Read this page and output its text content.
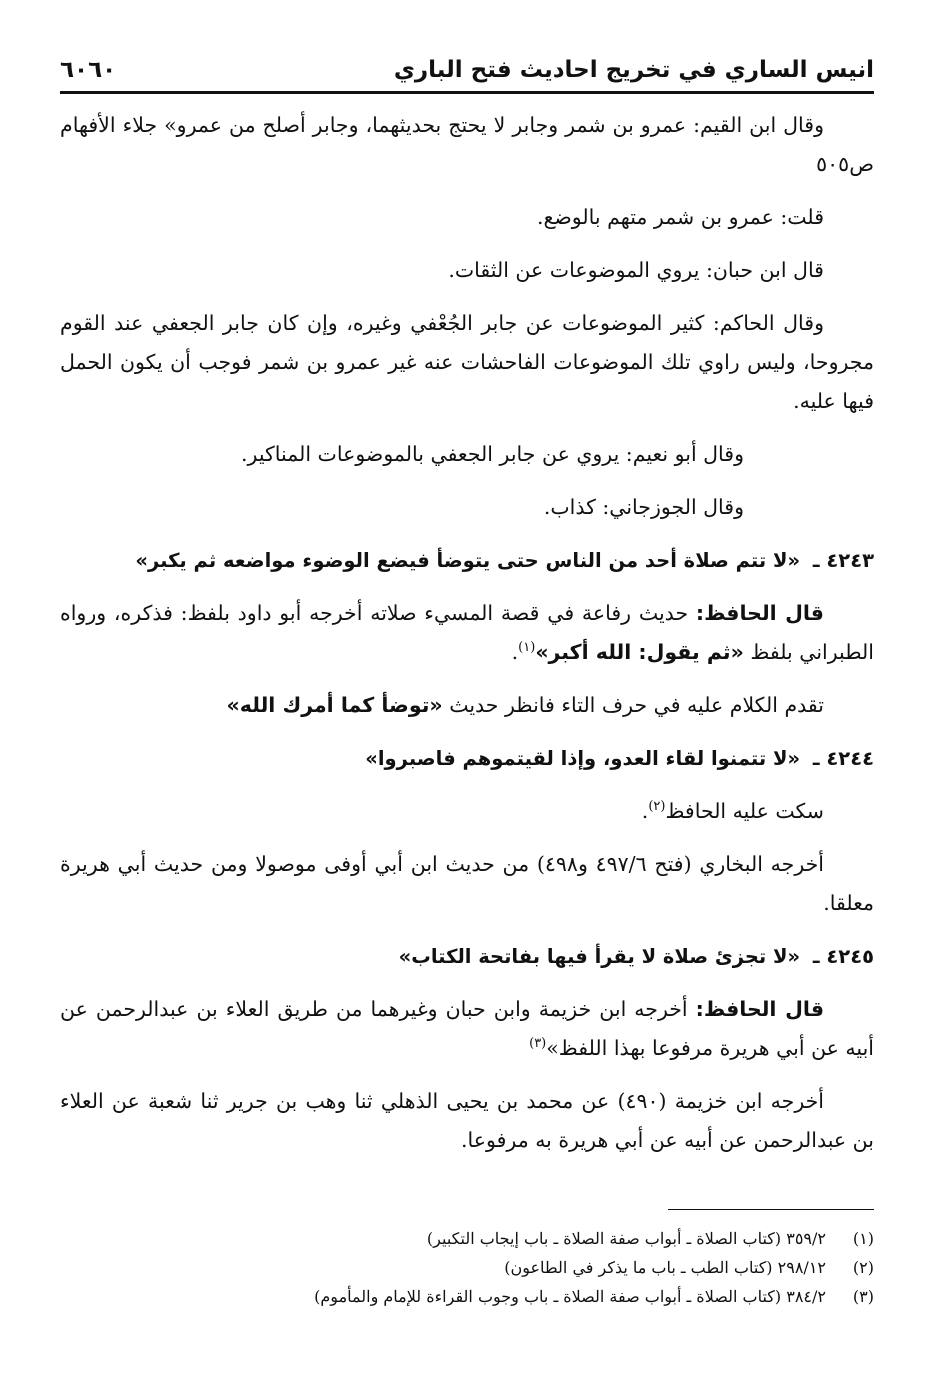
انيس الساري في تخريج احاديث فتح الباري
٦٠٦٠

وقال ابن القيم: عمرو بن شمر وجابر لا يحتج بحديثهما، وجابر أصلح من عمرو» جلاء الأفهام ص٥٠٥

قلت: عمرو بن شمر متهم بالوضع.

قال ابن حبان: يروي الموضوعات عن الثقات.

وقال الحاكم: كثير الموضوعات عن جابر الجُعْفي وغيره، وإن كان جابر الجعفي عند القوم مجروحا، وليس راوي تلك الموضوعات الفاحشات عنه غير عمرو بن شمر فوجب أن يكون الحمل فيها عليه.

وقال أبو نعيم: يروي عن جابر الجعفي بالموضوعات المناكير.

وقال الجوزجاني: كذاب.

٤٢٤٣ ـ «لا تتم صلاة أحد من الناس حتى يتوضأ فيضع الوضوء مواضعه ثم يكبر»

قال الحافظ: حديث رفاعة في قصة المسيء صلاته أخرجه أبو داود بلفظ: فذكره، ورواه الطبراني بلفظ «ثم يقول: الله أكبر»$^{(١)}$.

تقدم الكلام عليه في حرف التاء فانظر حديث «توضأ كما أمرك الله»

٤٢٤٤ ـ «لا تتمنوا لقاء العدو، وإذا لقيتموهم فاصبروا»

سكت عليه الحافظ$^{(٢)}$.

أخرجه البخاري (فتح ٤٩٧/٦ و٤٩٨) من حديث ابن أبي أوفى موصولا ومن حديث أبي هريرة معلقا.

٤٢٤٥ ـ «لا تجزئ صلاة لا يقرأ فيها بفاتحة الكتاب»

قال الحافظ: أخرجه ابن خزيمة وابن حبان وغيرهما من طريق العلاء بن عبدالرحمن عن أبيه عن أبي هريرة مرفوعا بهذا اللفظ»$^{(٣)}$

أخرجه ابن خزيمة (٤٩٠) عن محمد بن يحيى الذهلي ثنا وهب بن جرير ثنا شعبة عن العلاء بن عبدالرحمن عن أبيه عن أبي هريرة به مرفوعا.

(١)
٣٥٩/٢ (كتاب الصلاة ـ أبواب صفة الصلاة ـ باب إيجاب التكبير)
(٢)
٢٩٨/١٢ (كتاب الطب ـ باب ما يذكر في الطاعون)
(٣)
٣٨٤/٢ (كتاب الصلاة ـ أبواب صفة الصلاة ـ باب وجوب القراءة للإمام والمأموم)
